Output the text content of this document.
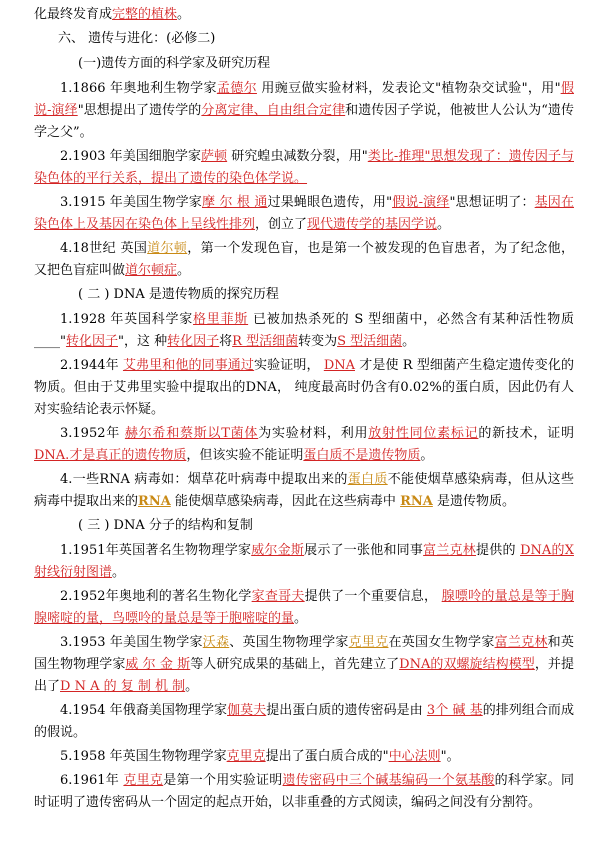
化最终发育成完整的植株。
六、 遗传与进化：(必修二)
(一)遗传方面的科学家及研究历程
1.1866 年奥地利生物学家孟德尔 用豌豆做实验材料，发表论文"植物杂交试验"，用"假说-演绎"思想提出了遗传学的分离定律、自由组合定律和遗传因子学说，他被世人公认为“遗传学之父”。
2.1903 年美国细胞学家萨顿 研究蝗虫减数分裂，用"类比-推理"思想发现了：遗传因子与染色体的平行关系，提出了遗传的染色体学说。
3.1915 年美国生物学家摩 尔 根 通过果蝇眼色遗传，用"假说-演绎"思想证明了：基因在染色体上及基因在染色体上呈线性排列，创立了现代遗传学的基因学说。
4.18世纪 英国道尔顿，第一个发现色盲，也是第一个被发现的色盲患者，为了纪念他，又把色盲症叫做道尔顿症。
( 二 ) DNA 是遗传物质的探究历程
1.1928 年英国科学家格里菲斯 已被加热杀死的 S 型细菌中，必然含有某种活性物质____"转化因子"，这 种转化因子将R 型活细菌转变为S 型活细菌。
2.1944年 艾弗里和他的同事通过实验证明， DNA 才是使 R 型细菌产生稳定遗传变化的物质。但由于艾弗里实验中提取出的DNA， 纯度最高时仍含有0.02%的蛋白质，因此仍有人对实验结论表示怀疑。
3.1952年 赫尔希和蔡斯以T菌体为实验材料，利用放射性同位素标记的新技术，证明DNA.才是真正的遗传物质，但该实验不能证明蛋白质不是遗传物质。
4.一些RNA 病毒如：烟草花叶病毒中提取出来的蛋白质不能使烟草感染病毒，但从这些病毒中提取出来的RNA 能使烟草感染病毒，因此在这些病毒中 RNA 是遗传物质。
( 三 ) DNA 分子的结构和复制
1.1951年英国著名生物物理学家威尔金斯展示了一张他和同事富兰克林提供的 DNA的X射线衍射图谱。
2.1952年奥地利的著名生物化学家查哥夫提供了一个重要信息， 腺嘌呤的量总是等于胸腺嘧啶的量，鸟嘌呤的量总是等于胞嘧啶的量。
3.1953 年美国生物学家沃森、英国生物物理学家克里克在英国女生物学家富兰克林和英国生物物理学家威 尔 金 斯等人研究成果的基础上，首先建立了DNA的双螺旋结构模型，并提出了D N A 的 复 制 机 制。
4.1954 年俄裔美国物理学家伽莫夫提出蛋白质的遗传密码是由 3个 碱 基的排列组合而成的假说。
5.1958 年英国生物物理学家克里克提出了蛋白质合成的"中心法则"。
6.1961年 克里克是第一个用实验证明遗传密码中三个碱基编码一个氨基酸的科学家。同时证明了遗传密码从一个固定的起点开始，以非重叠的方式阅读，编码之间没有分割符。
